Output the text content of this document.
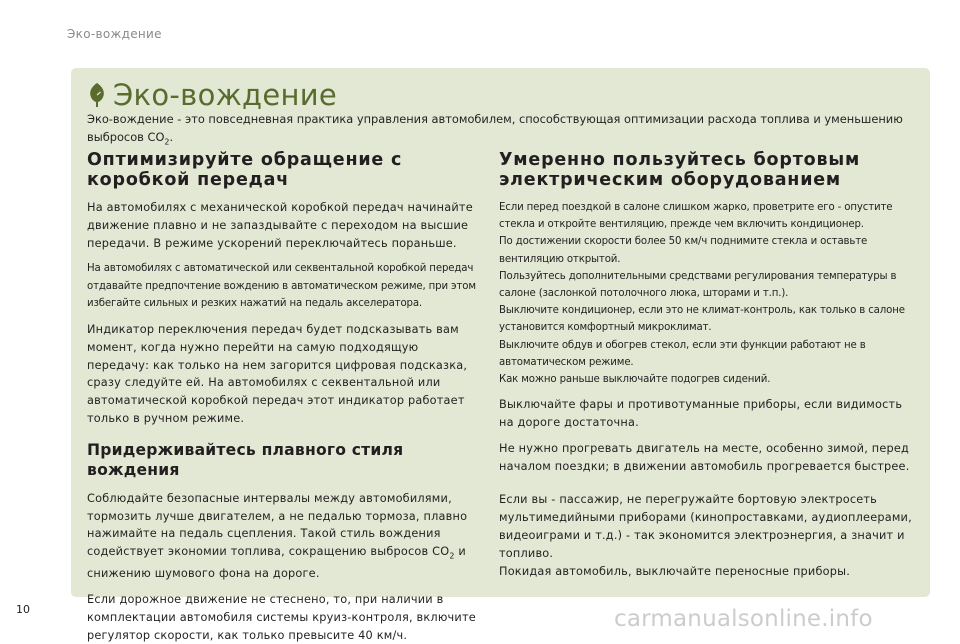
Эко-вождение
Эко-вождение

Эко-вождение - это повседневная практика управления автомобилем, способствующая оптимизации расхода топлива и уменьшению выбросов $CO_2$.

Оптимизируйте обращение с коробкой передач

На автомобилях с механической коробкой передач начинайте движение плавно и не запаздывайте с переходом на высшие передачи. В режиме ускорений переключайтесь пораньше.

На автомобилях с автоматической или секвентальной коробкой передач отдавайте предпочтение вождению в автоматическом режиме, при этом избегайте сильных и резких нажатий на педаль акселератора.

Индикатор переключения передач будет подсказывать вам момент, когда нужно перейти на самую подходящую передачу: как только на нем загорится цифровая подсказка, сразу следуйте ей. На автомобилях с секвентальной или автоматической коробкой передач этот индикатор работает только в ручном режиме.

Придерживайтесь плавного стиля вождения

Соблюдайте безопасные интервалы между автомобилями, тормозить лучше двигателем, а не педалью тормоза, плавно нажимайте на педаль сцепления. Такой стиль вождения содействует экономии топлива, сокращению выбросов $CO_2$ и снижению шумового фона на дороге.

Если дорожное движение не стеснено, то, при наличии в комплектации автомобиля системы круиз-контроля, включите регулятор скорости, как только превысите 40 км/ч.

Умеренно пользуйтесь бортовым электрическим оборудованием

Если перед поездкой в салоне слишком жарко, проветрите его - опустите стекла и откройте вентиляцию, прежде чем включить кондиционер.

По достижении скорости более 50 км/ч поднимите стекла и оставьте вентиляцию открытой.

Пользуйтесь дополнительными средствами регулирования температуры в салоне (заслонкой потолочного люка, шторами и т.п.).

Выключите кондиционер, если это не климат-контроль, как только в салоне установится комфортный микроклимат.

Выключите обдув и обогрев стекол, если эти функции работают не в автоматическом режиме.

Как можно раньше выключайте подогрев сидений.

Выключайте фары и противотуманные приборы, если видимость на дороге достаточна.

Не нужно прогревать двигатель на месте, особенно зимой, перед началом поездки; в движении автомобиль прогревается быстрее.

Если вы - пассажир, не перегружайте бортовую электросеть мультимедийными приборами (кинопроставками, аудиоплеерами, видеоиграми и т.д.) - так экономится электроэнергия, а значит и топливо.

Покидая автомобиль, выключайте переносные приборы.

10	carmanualsonline.info
